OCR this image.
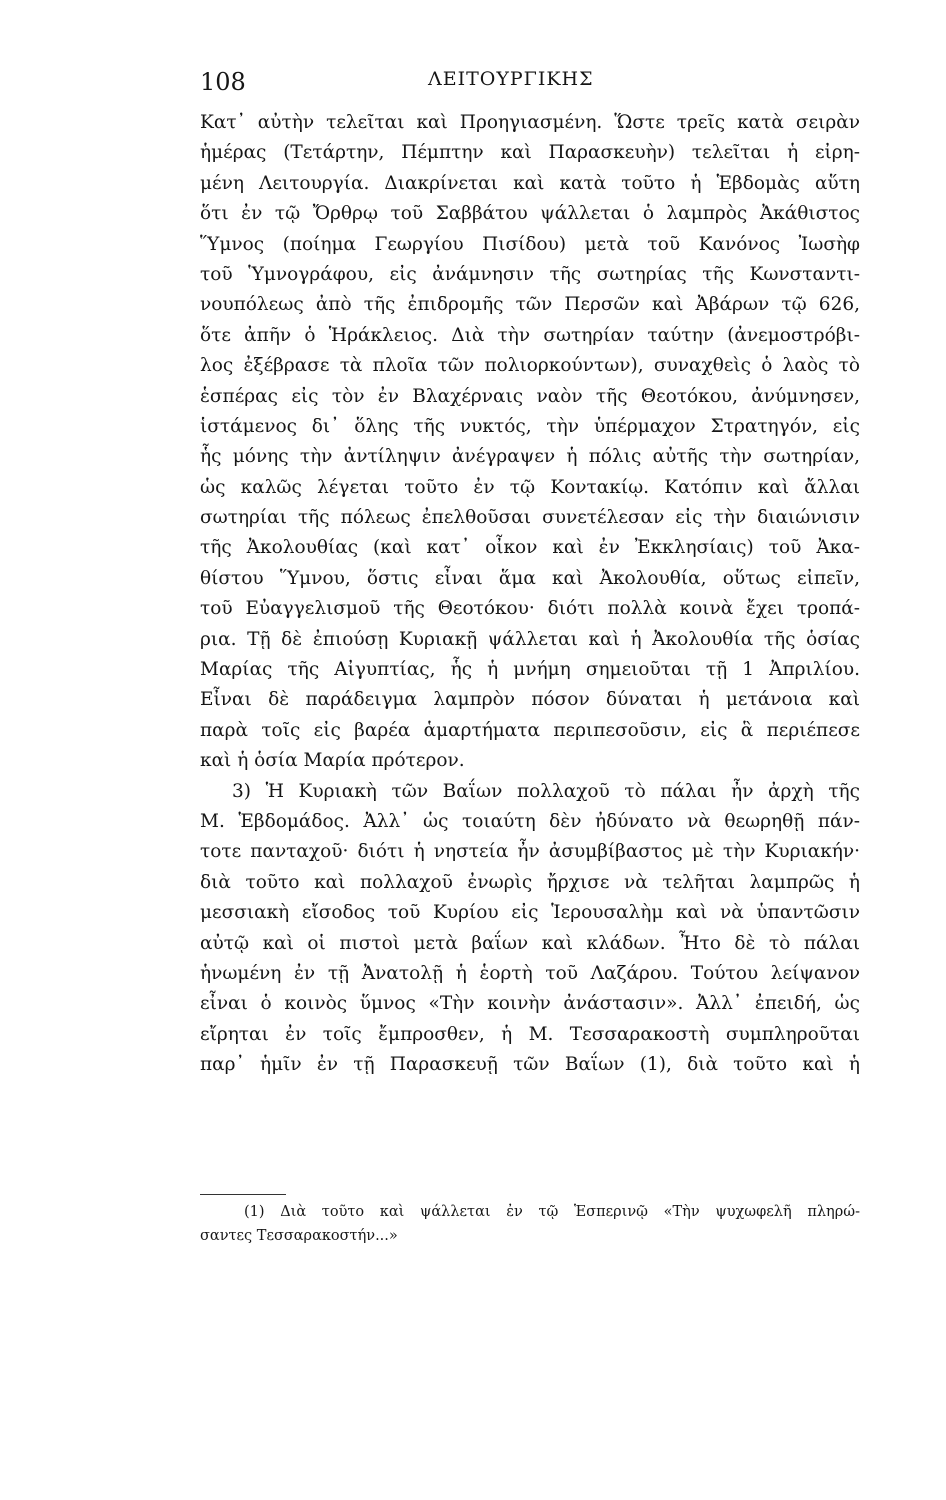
108	ΛΕΙΤΟΥΡΓΙΚΗΣ
Κατ᾽ αὐτὴν τελεῖται καὶ Προηγιασμένη. Ὥστε τρεῖς κατὰ σειρὰν
ἡμέρας (Τετάρτην, Πέμπτην καὶ Παρασκευὴν) τελεῖται ἡ εἰρη-
μένη Λειτουργία. Διακρίνεται καὶ κατὰ τοῦτο ἡ Ἑβδομὰς αὕτη
ὅτι ἐν τῷ Ὄρθρῳ τοῦ Σαββάτου ψάλλεται ὁ λαμπρὸς Ἀκάθιστος
Ὕμνος (ποίημα Γεωργίου Πισίδου) μετὰ τοῦ Κανόνος Ἰωσὴφ
τοῦ Ὑμνογράφου, εἰς ἀνάμνησιν τῆς σωτηρίας τῆς Κωνσταντι-
νουπόλεως ἀπὸ τῆς ἐπιδρομῆς τῶν Περσῶν καὶ Ἀβάρων τῷ 626,
ὅτε ἀπῆν ὁ Ἡράκλειος. Διὰ τὴν σωτηρίαν ταύτην (ἀνεμοστρόβι-
λος ἐξέβρασε τὰ πλοῖα τῶν πολιορκούντων), συναχθεὶς ὁ λαὸς τὸ
ἑσπέρας εἰς τὸν ἐν Βλαχέρναις ναὸν τῆς Θεοτόκου, ἀνύμνησεν,
ἱστάμενος δι᾽ ὅλης τῆς νυκτός, τὴν ὑπέρμαχον Στρατηγόν, εἰς
ἧς μόνης τὴν ἀντίληψιν ἀνέγραψεν ἡ πόλις αὐτῆς τὴν σωτηρίαν,
ὡς καλῶς λέγεται τοῦτο ἐν τῷ Κοντακίῳ. Κατόπιν καὶ ἄλλαι
σωτηρίαι τῆς πόλεως ἐπελθοῦσαι συνετέλεσαν εἰς τὴν διαιώνισιν
τῆς Ἀκολουθίας (καὶ κατ᾽ οἶκον καὶ ἐν Ἐκκλησίαις) τοῦ Ἀκα-
θίστου Ὕμνου, ὅστις εἶναι ἅμα καὶ Ἀκολουθία, οὕτως εἰπεῖν,
τοῦ Εὐαγγελισμοῦ τῆς Θεοτόκου· διότι πολλὰ κοινὰ ἔχει τροπά-
ρια. Τῇ δὲ ἐπιούσῃ Κυριακῇ ψάλλεται καὶ ἡ Ἀκολουθία τῆς ὁσίας
Μαρίας τῆς Αἰγυπτίας, ἧς ἡ μνήμη σημειοῦται τῇ 1 Ἀπριλίου.
Εἶναι δὲ παράδειγμα λαμπρὸν πόσον δύναται ἡ μετάνοια καὶ
παρὰ τοῖς εἰς βαρέα ἁμαρτήματα περιπεσοῦσιν, εἰς ἃ περιέπεσε
καὶ ἡ ὁσία Μαρία πρότερον.
3) Ἡ Κυριακὴ τῶν Βαΐων πολλαχοῦ τὸ πάλαι ἦν ἀρχὴ τῆς
Μ. Ἑβδομάδος. Ἀλλ᾽ ὡς τοιαύτη δὲν ἠδύνατο νὰ θεωρηθῇ πάν-
τοτε πανταχοῦ· διότι ἡ νηστεία ἦν ἀσυμβίβαστος μὲ τὴν Κυριακήν·
διὰ τοῦτο καὶ πολλαχοῦ ἐνωρὶς ἤρχισε νὰ τελῆται λαμπρῶς ἡ
μεσσιακὴ εἴσοδος τοῦ Κυρίου εἰς Ἱερουσαλὴμ καὶ νὰ ὑπαντῶσιν
αὐτῷ καὶ οἱ πιστοὶ μετὰ βαΐων καὶ κλάδων. Ἦτο δὲ τὸ πάλαι
ἡνωμένη ἐν τῇ Ἀνατολῇ ἡ ἑορτὴ τοῦ Λαζάρου. Τούτου λείψανον
εἶναι ὁ κοινὸς ὕμνος «Τὴν κοινὴν ἀνάστασιν». Ἀλλ᾽ ἐπειδή, ὡς
εἴρηται ἐν τοῖς ἔμπροσθεν, ἡ Μ. Τεσσαρακοστὴ συμπληροῦται
παρ᾽ ἡμῖν ἐν τῇ Παρασκευῇ τῶν Βαΐων (1), διὰ τοῦτο καὶ ἡ
(1) Διὰ τοῦτο καὶ ψάλλεται ἐν τῷ Ἑσπερινῷ «Τὴν ψυχωφελῆ πληρώ-
σαντες Τεσσαρακοστήν...»
